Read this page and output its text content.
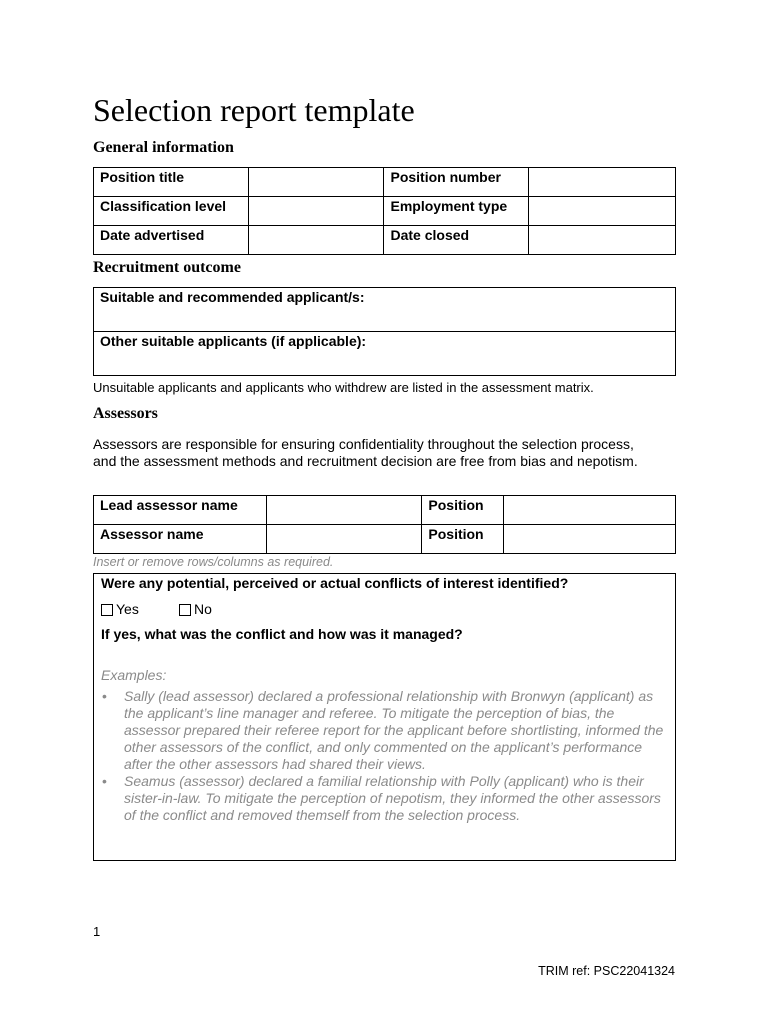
Selection report template
General information
Position title		Position number	
Classification level		Employment type	
Date advertised		Date closed	
Recruitment outcome
Suitable and recommended applicant/s:
Other suitable applicants (if applicable):

Unsuitable applicants and applicants who withdrew are listed in the assessment matrix.

Assessors

Assessors are responsible for ensuring confidentiality throughout the selection process, and the assessment methods and recruitment decision are free from bias and nepotism.

Lead assessor name		Position	
Assessor name		Position	

Insert or remove rows/columns as required.

Were any potential, perceived or actual conflicts of interest identified?
Yes	No
If yes, what was the conflict and how was it managed?
Examples:
• Sally (lead assessor) declared a professional relationship with Bronwyn (applicant) as the applicant’s line manager and referee. To mitigate the perception of bias, the assessor prepared their referee report for the applicant before shortlisting, informed the other assessors of the conflict, and only commented on the applicant’s performance after the other assessors had shared their views.
• Seamus (assessor) declared a familial relationship with Polly (applicant) who is their sister-in-law. To mitigate the perception of nepotism, they informed the other assessors of the conflict and removed themself from the selection process.

1

TRIM ref: PSC22041324
